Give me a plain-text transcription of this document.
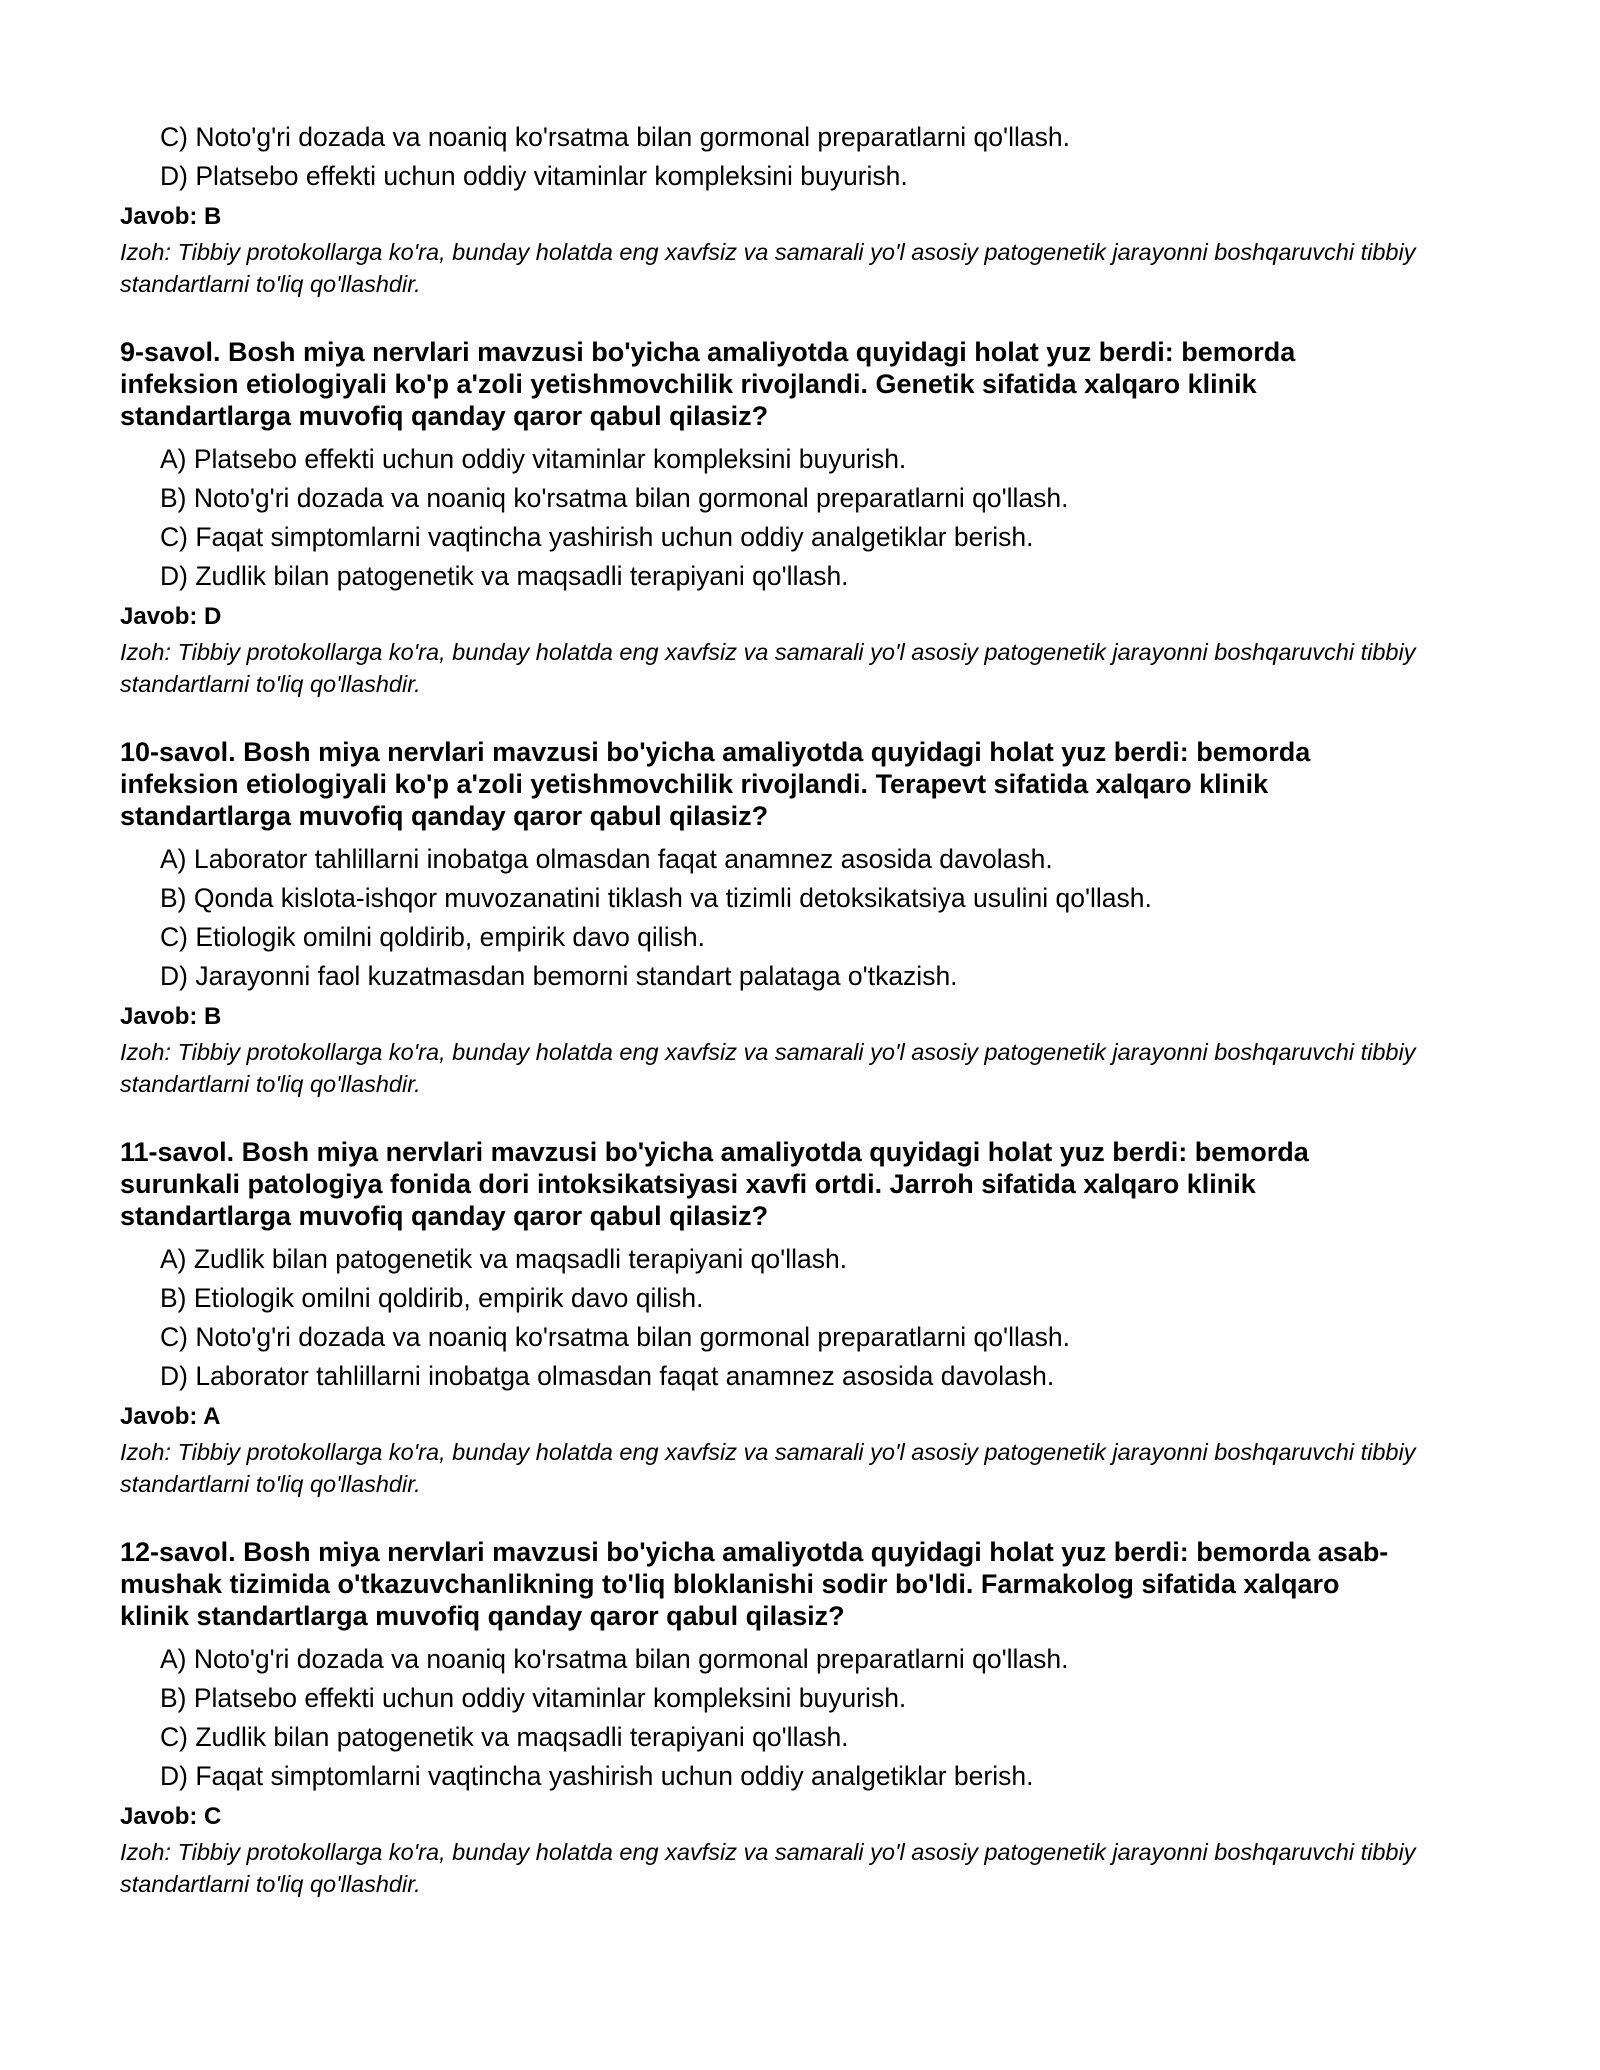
C) Noto'g'ri dozada va noaniq ko'rsatma bilan gormonal preparatlarni qo'llash.
D) Platsebo effekti uchun oddiy vitaminlar kompleksini buyurish.
Javob: B
Izoh: Tibbiy protokollarga ko'ra, bunday holatda eng xavfsiz va samarali yo'l asosiy patogenetik jarayonni boshqaruvchi tibbiy standartlarni to'liq qo'llashdir.
9-savol. Bosh miya nervlari mavzusi bo'yicha amaliyotda quyidagi holat yuz berdi: bemorda infeksion etiologiyali ko'p a'zoli yetishmovchilik rivojlandi. Genetik sifatida xalqaro klinik standartlarga muvofiq qanday qaror qabul qilasiz?
A) Platsebo effekti uchun oddiy vitaminlar kompleksini buyurish.
B) Noto'g'ri dozada va noaniq ko'rsatma bilan gormonal preparatlarni qo'llash.
C) Faqat simptomlarni vaqtincha yashirish uchun oddiy analgetiklar berish.
D) Zudlik bilan patogenetik va maqsadli terapiyani qo'llash.
Javob: D
Izoh: Tibbiy protokollarga ko'ra, bunday holatda eng xavfsiz va samarali yo'l asosiy patogenetik jarayonni boshqaruvchi tibbiy standartlarni to'liq qo'llashdir.
10-savol. Bosh miya nervlari mavzusi bo'yicha amaliyotda quyidagi holat yuz berdi: bemorda infeksion etiologiyali ko'p a'zoli yetishmovchilik rivojlandi. Terapevt sifatida xalqaro klinik standartlarga muvofiq qanday qaror qabul qilasiz?
A) Laborator tahlillarni inobatga olmasdan faqat anamnez asosida davolash.
B) Qonda kislota-ishqor muvozanatini tiklash va tizimli detoksikatsiya usulini qo'llash.
C) Etiologik omilni qoldirib, empirik davo qilish.
D) Jarayonni faol kuzatmasdan bemorni standart palataga o'tkazish.
Javob: B
Izoh: Tibbiy protokollarga ko'ra, bunday holatda eng xavfsiz va samarali yo'l asosiy patogenetik jarayonni boshqaruvchi tibbiy standartlarni to'liq qo'llashdir.
11-savol. Bosh miya nervlari mavzusi bo'yicha amaliyotda quyidagi holat yuz berdi: bemorda surunkali patologiya fonida dori intoksikatsiyasi xavfi ortdi. Jarroh sifatida xalqaro klinik standartlarga muvofiq qanday qaror qabul qilasiz?
A) Zudlik bilan patogenetik va maqsadli terapiyani qo'llash.
B) Etiologik omilni qoldirib, empirik davo qilish.
C) Noto'g'ri dozada va noaniq ko'rsatma bilan gormonal preparatlarni qo'llash.
D) Laborator tahlillarni inobatga olmasdan faqat anamnez asosida davolash.
Javob: A
Izoh: Tibbiy protokollarga ko'ra, bunday holatda eng xavfsiz va samarali yo'l asosiy patogenetik jarayonni boshqaruvchi tibbiy standartlarni to'liq qo'llashdir.
12-savol. Bosh miya nervlari mavzusi bo'yicha amaliyotda quyidagi holat yuz berdi: bemorda asab-mushak tizimida o'tkazuvchanlikning to'liq bloklanishi sodir bo'ldi. Farmakolog sifatida xalqaro klinik standartlarga muvofiq qanday qaror qabul qilasiz?
A) Noto'g'ri dozada va noaniq ko'rsatma bilan gormonal preparatlarni qo'llash.
B) Platsebo effekti uchun oddiy vitaminlar kompleksini buyurish.
C) Zudlik bilan patogenetik va maqsadli terapiyani qo'llash.
D) Faqat simptomlarni vaqtincha yashirish uchun oddiy analgetiklar berish.
Javob: C
Izoh: Tibbiy protokollarga ko'ra, bunday holatda eng xavfsiz va samarali yo'l asosiy patogenetik jarayonni boshqaruvchi tibbiy standartlarni to'liq qo'llashdir.
